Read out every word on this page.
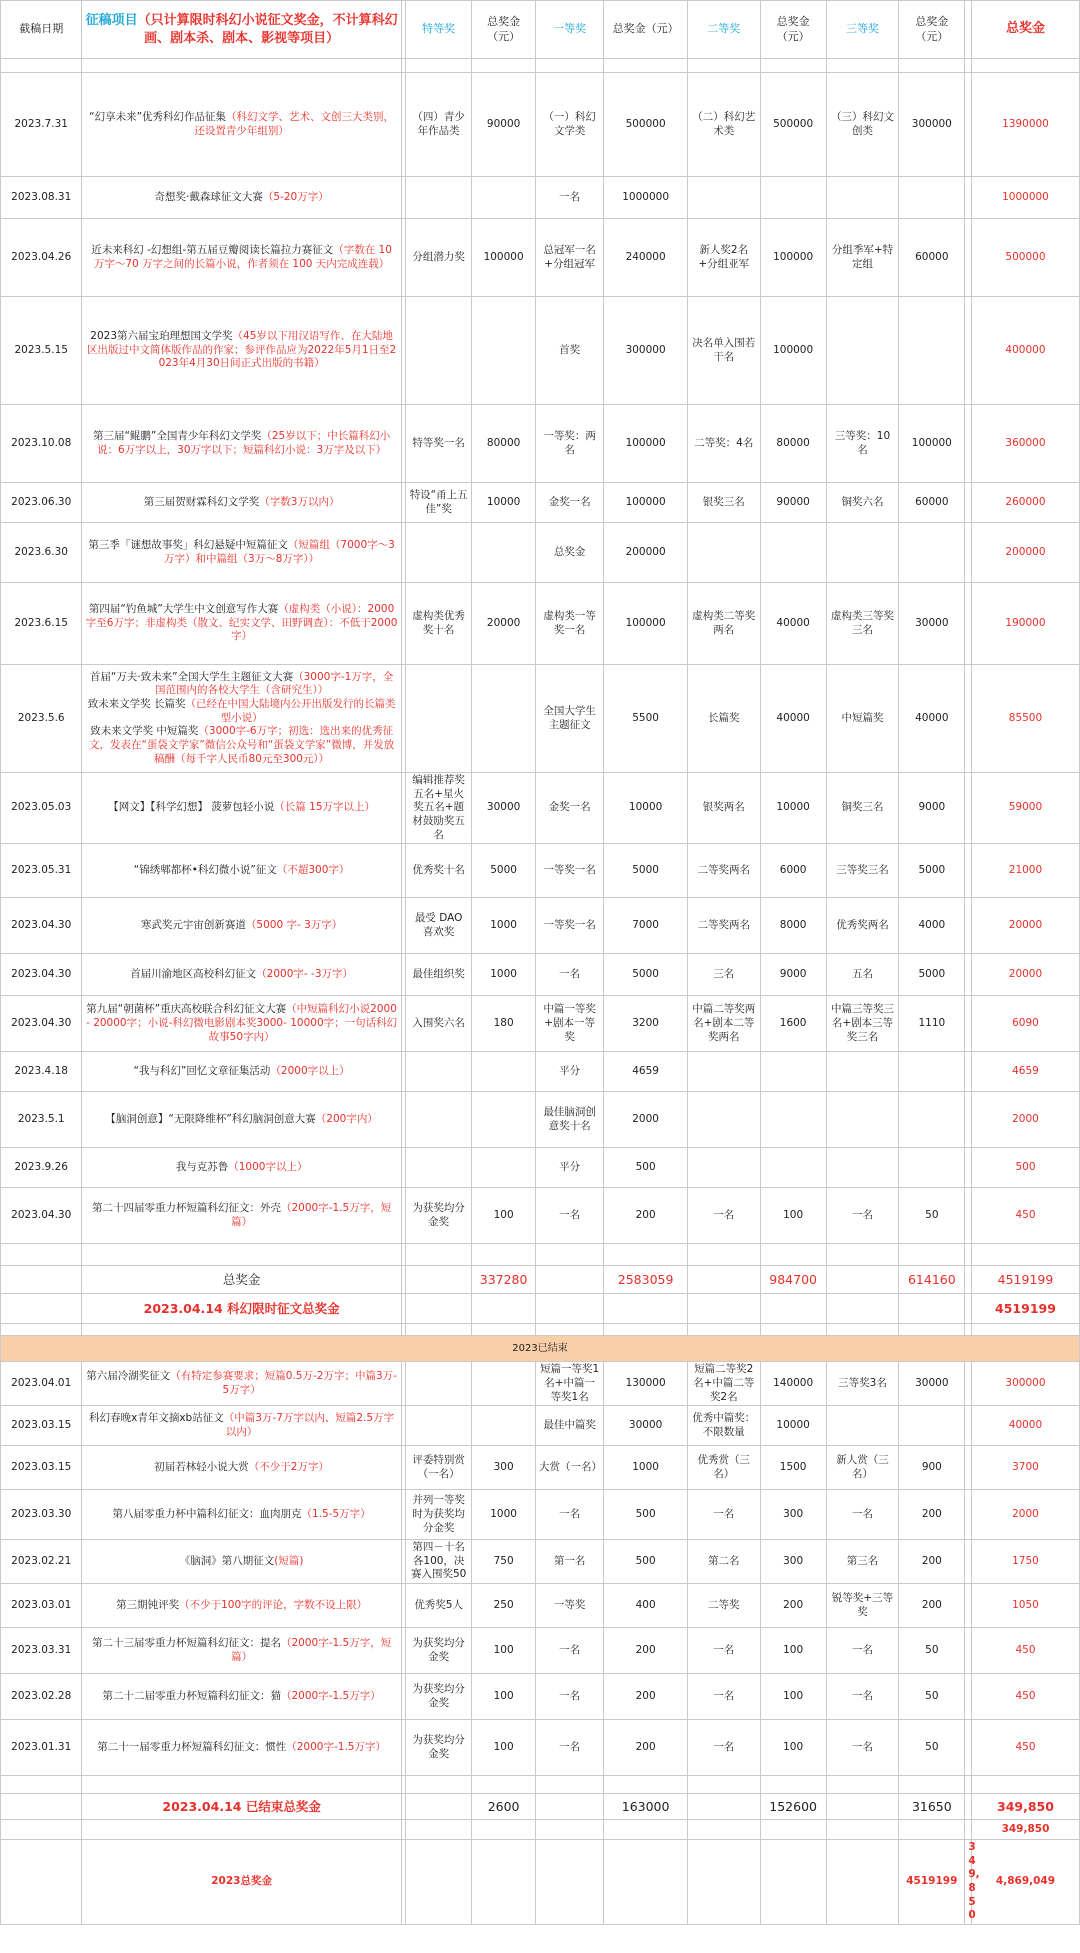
截稿日期	征稿项目（只计算限时科幻小说征文奖金，不计算科幻画、剧本杀、剧本、影视等项目）		特等奖	总奖金（元）	一等奖	总奖金（元）	二等奖	总奖金（元）	三等奖	总奖金（元）		总奖金

2023.7.31	“幻享未来”优秀科幻作品征集（科幻文学、艺术、文创三大类别，还设置青少年组别）		（四）青少年作品类	90000	（一）科幻文学类	500000	（二）科幻艺术类	500000	（三）科幻文创类	300000		1390000
2023.08.31	奇想奖·戴森球征文大赛（5-20万字）				一名	1000000						1000000
2023.04.26	近未来科幻 -幻想组-第五届豆瓣阅读长篇拉力赛征文（字数在 10 万字～70 万字之间的长篇小说，作者须在 100 天内完成连载）		分组潜力奖	100000	总冠军一名+分组冠军	240000	新人奖2名+分组亚军	100000	分组季军+特定组	60000		500000
2023.5.15	2023第六届宝珀理想国文学奖（45岁以下用汉语写作、在大陆地区出版过中文简体版作品的作家；参评作品应为2022年5月1日至2023年4月30日间正式出版的书籍）				首奖	300000	决名单入围若干名	100000				400000
2023.10.08	第三届“鲲鹏”全国青少年科幻文学奖（25岁以下；中长篇科幻小说：6万字以上，30万字以下；短篇科幻小说：3万字及以下）		特等奖一名	80000	一等奖：两名	100000	二等奖：4名	80000	三等奖：10名	100000		360000
2023.06.30	第三届贺财霖科幻文学奖（字数3万以内）		特设“甬上五佳”奖	10000	金奖一名	100000	银奖三名	90000	铜奖六名	60000		260000
2023.6.30	第三季「谜想故事奖」科幻悬疑中短篇征文（短篇组（7000字～3万字）和中篇组（3万～8万字））				总奖金	200000						200000
2023.6.15	第四届“钓鱼城”大学生中文创意写作大赛（虚构类（小说）：2000字至6万字；非虚构类（散文、纪实文学、田野调查）：不低于2000字）		虚构类优秀奖十名	20000	虚构类一等奖一名	100000	虚构类二等奖两名	40000	虚构类三等奖三名	30000		190000
2023.5.6	首届“万夫·致未来”全国大学生主题征文大赛（3000字-1万字，全国范围内的各校大学生（含研究生））
致未来文学奖 长篇奖（已经在中国大陆境内公开出版发行的长篇类型小说）
致未来文学奖 中短篇奖（3000字-6万字；初选：选出来的优秀征文，发表在“蛋袋文学家”微信公众号和“蛋袋文学家”微博，并发放稿酬（每千字人民币80元至300元））				全国大学生主题征文	5500	长篇奖	40000	中短篇奖	40000		85500
2023.05.03	【网文】【科学幻想】 菠萝包轻小说（长篇 15万字以上）		编辑推荐奖五名+星火奖五名+题材鼓励奖五名	30000	金奖一名	10000	银奖两名	10000	铜奖三名	9000		59000
2023.05.31	“锦绣郫都杯•科幻微小说”征文（不超300字）		优秀奖十名	5000	一等奖一名	5000	二等奖两名	6000	三等奖三名	5000		21000
2023.04.30	寒武奖元宇宙创新赛道（5000 字- 3万字）		最受 DAO 喜欢奖	1000	一等奖一名	7000	二等奖两名	8000	优秀奖两名	4000		20000
2023.04.30	首届川渝地区高校科幻征文（2000字- -3万字）		最佳组织奖	1000	一名	5000	三名	9000	五名	5000		20000
2023.04.30	第九届“朝菌杯”重庆高校联合科幻征文大赛（中短篇科幻小说2000- 20000字；小说-科幻微电影剧本奖3000- 10000字；一句话科幻故事50字内）		入围奖六名	180	中篇一等奖+剧本一等奖	3200	中篇二等奖两名+剧本二等奖两名	1600	中篇三等奖三名+剧本三等奖三名	1110		6090
2023.4.18	“我与科幻”回忆文章征集活动（2000字以上）				平分	4659						4659
2023.5.1	【脑洞创意】“无限降维杯”科幻脑洞创意大赛（200字内）				最佳脑洞创意奖十名	2000						2000
2023.9.26	我与克苏鲁（1000字以上）				平分	500						500
2023.04.30	第二十四届零重力杯短篇科幻征文：外壳（2000字-1.5万字，短篇）		为获奖均分金奖	100	一名	200	一名	100	一名	50		450

	总奖金			337280		2583059		984700		614160		4519199
	2023.04.14 科幻限时征文总奖金											4519199

2023已结束												
2023.04.01	第六届冷湖奖征文（有特定参赛要求；短篇0.5万-2万字；中篇3万-5万字）				短篇一等奖1名+中篇一等奖1名	130000	短篇二等奖2名+中篇二等奖2名	140000	三等奖3名	30000		300000
2023.03.15	科幻春晚x青年文摘xb站征文（中篇3万-7万字以内、短篇2.5万字以内）				最佳中篇奖	30000	优秀中篇奖：不限数量	10000				40000
2023.03.15	初届若林轻小说大赏（不少于2万字）		评委特别赏（一名）	300	大赏（一名）	1000	优秀赏（三名）	1500	新人赏（三名）	900		3700
2023.03.30	第八届零重力杯中篇科幻征文：血肉朋克（1.5-5万字）		并列一等奖时为获奖均分金奖	1000	一名	500	一名	300	一名	200		2000
2023.02.21	《脑洞》第八期征文(短篇)		第四－十名各100，决赛入围奖50	750	第一名	500	第二名	300	第三名	200		1750
2023.03.01	第三期钝评奖（不少于100字的评论，字数不设上限）		优秀奖5人	250	一等奖	400	二等奖	200	锐等奖+三等奖	200		1050
2023.03.31	第二十三届零重力杯短篇科幻征文：提名（2000字-1.5万字，短篇）		为获奖均分金奖	100	一名	200	一名	100	一名	50		450
2023.02.28	第二十二届零重力杯短篇科幻征文：猫（2000字-1.5万字）		为获奖均分金奖	100	一名	200	一名	100	一名	50		450
2023.01.31	第二十一届零重力杯短篇科幻征文：惯性（2000字-1.5万字）		为获奖均分金奖	100	一名	200	一名	100	一名	50		450

	2023.04.14 已结束总奖金			2600		163000		152600		31650		349,850
												349,850
	2023总奖金									4519199	349,850	4,869,049
